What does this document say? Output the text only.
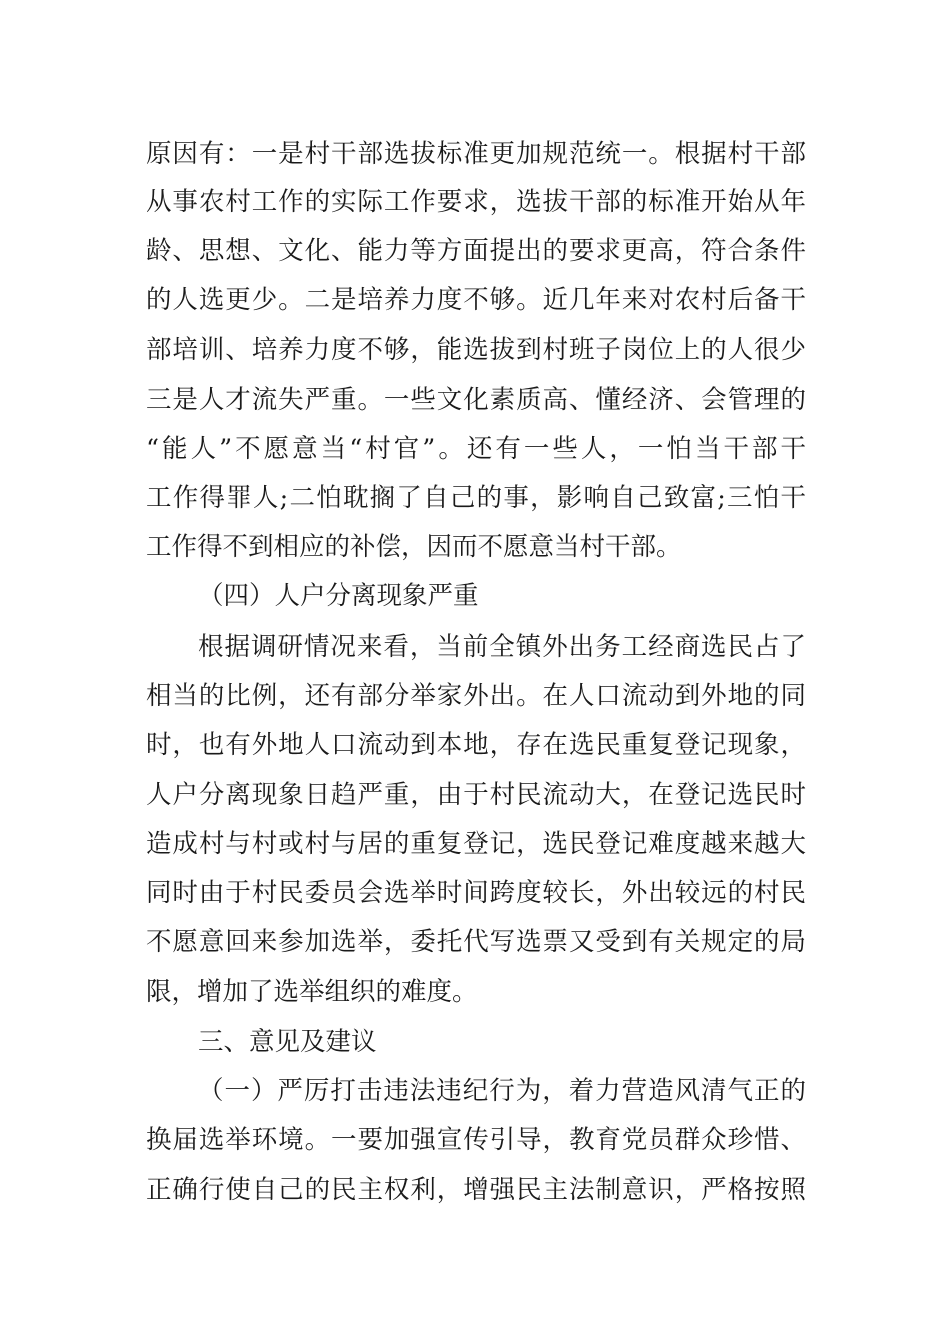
原因有：一是村干部选拔标准更加规范统一。根据村干部
从事农村工作的实际工作要求，选拔干部的标准开始从年
龄、思想、文化、能力等方面提出的要求更高，符合条件
的人选更少。二是培养力度不够。近几年来对农村后备干
部培训、培养力度不够，能选拔到村班子岗位上的人很少
三是人才流失严重。一些文化素质高、懂经济、会管理的
“能人”不愿意当“村官”。还有一些人，一怕当干部干
工作得罪人;二怕耽搁了自己的事，影响自己致富;三怕干
工作得不到相应的补偿，因而不愿意当村干部。
（四）人户分离现象严重
根据调研情况来看，当前全镇外出务工经商选民占了
相当的比例，还有部分举家外出。在人口流动到外地的同
时，也有外地人口流动到本地，存在选民重复登记现象，
人户分离现象日趋严重，由于村民流动大，在登记选民时
造成村与村或村与居的重复登记，选民登记难度越来越大
同时由于村民委员会选举时间跨度较长，外出较远的村民
不愿意回来参加选举，委托代写选票又受到有关规定的局
限，增加了选举组织的难度。
三、意见及建议
（一）严厉打击违法违纪行为，着力营造风清气正的
换届选举环境。一要加强宣传引导，教育党员群众珍惜、
正确行使自己的民主权利，增强民主法制意识，严格按照
